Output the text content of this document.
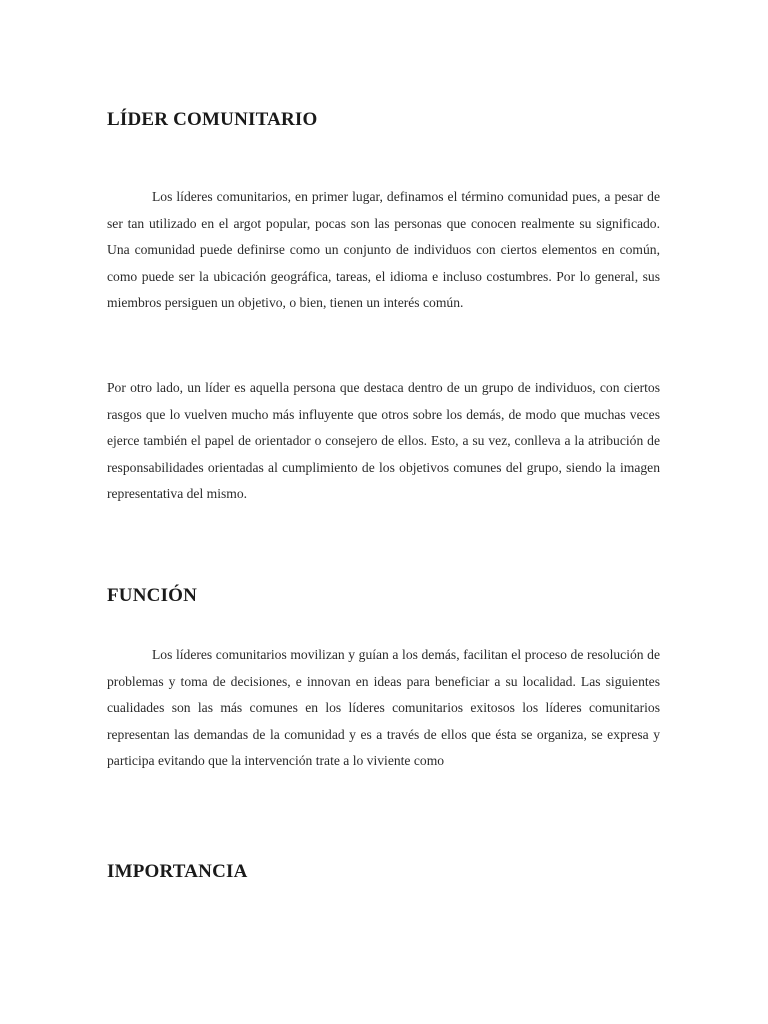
LÍDER COMUNITARIO

Los líderes comunitarios, en primer lugar, definamos el término comunidad pues, a pesar de ser tan utilizado en el argot popular, pocas son las personas que conocen realmente su significado. Una comunidad puede definirse como un conjunto de individuos con ciertos elementos en común, como puede ser la ubicación geográfica, tareas, el idioma e incluso costumbres. Por lo general, sus miembros persiguen un objetivo, o bien, tienen un interés común.

Por otro lado, un líder es aquella persona que destaca dentro de un grupo de individuos, con ciertos rasgos que lo vuelven mucho más influyente que otros sobre los demás, de modo que muchas veces ejerce también el papel de orientador o consejero de ellos. Esto, a su vez, conlleva a la atribución de responsabilidades orientadas al cumplimiento de los objetivos comunes del grupo, siendo la imagen representativa del mismo.

FUNCIÓN

Los líderes comunitarios movilizan y guían a los demás, facilitan el proceso de resolución de problemas y toma de decisiones, e innovan en ideas para beneficiar a su localidad. Las siguientes cualidades son las más comunes en los líderes comunitarios exitosos los líderes comunitarios representan las demandas de la comunidad y es a través de ellos que ésta se organiza, se expresa y participa evitando que la intervención trate a lo viviente como

IMPORTANCIA
